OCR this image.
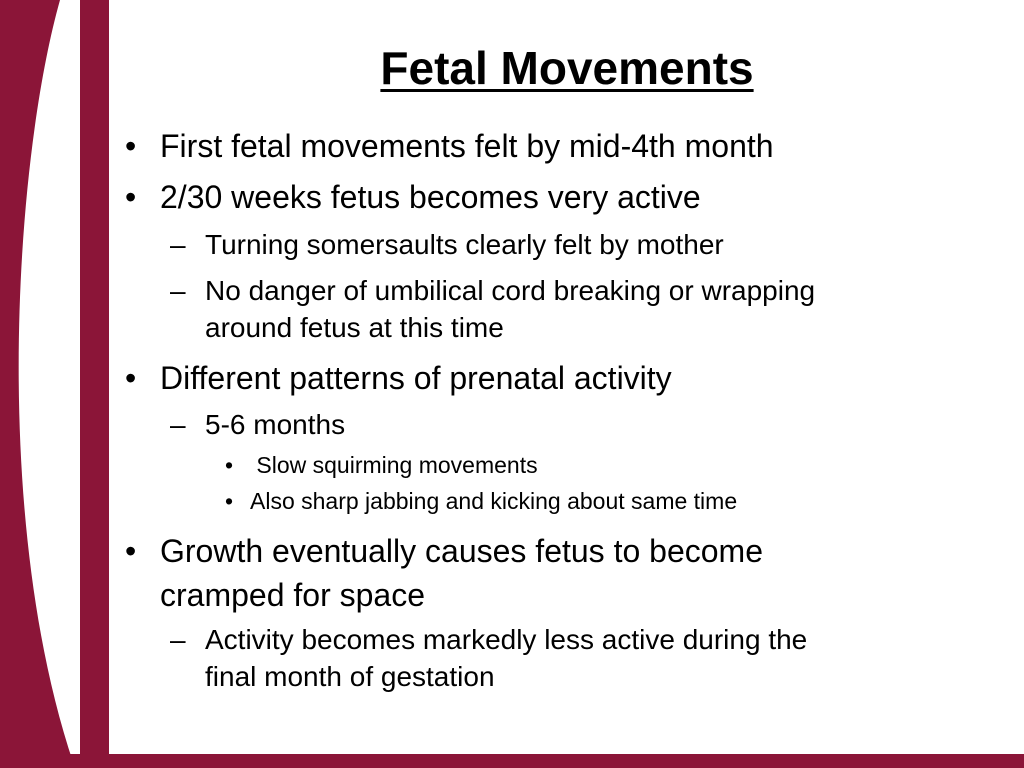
Fetal Movements
• First fetal movements felt by mid-4th month
• 2/30 weeks fetus becomes very active
– Turning somersaults clearly felt by mother
– No danger of umbilical cord breaking or wrapping
around fetus at this time
• Different patterns of prenatal activity
– 5-6 months
• Slow squirming movements
• Also sharp jabbing and kicking about same time
• Growth eventually causes fetus to become
cramped for space
– Activity becomes markedly less active during the
final month of gestation
